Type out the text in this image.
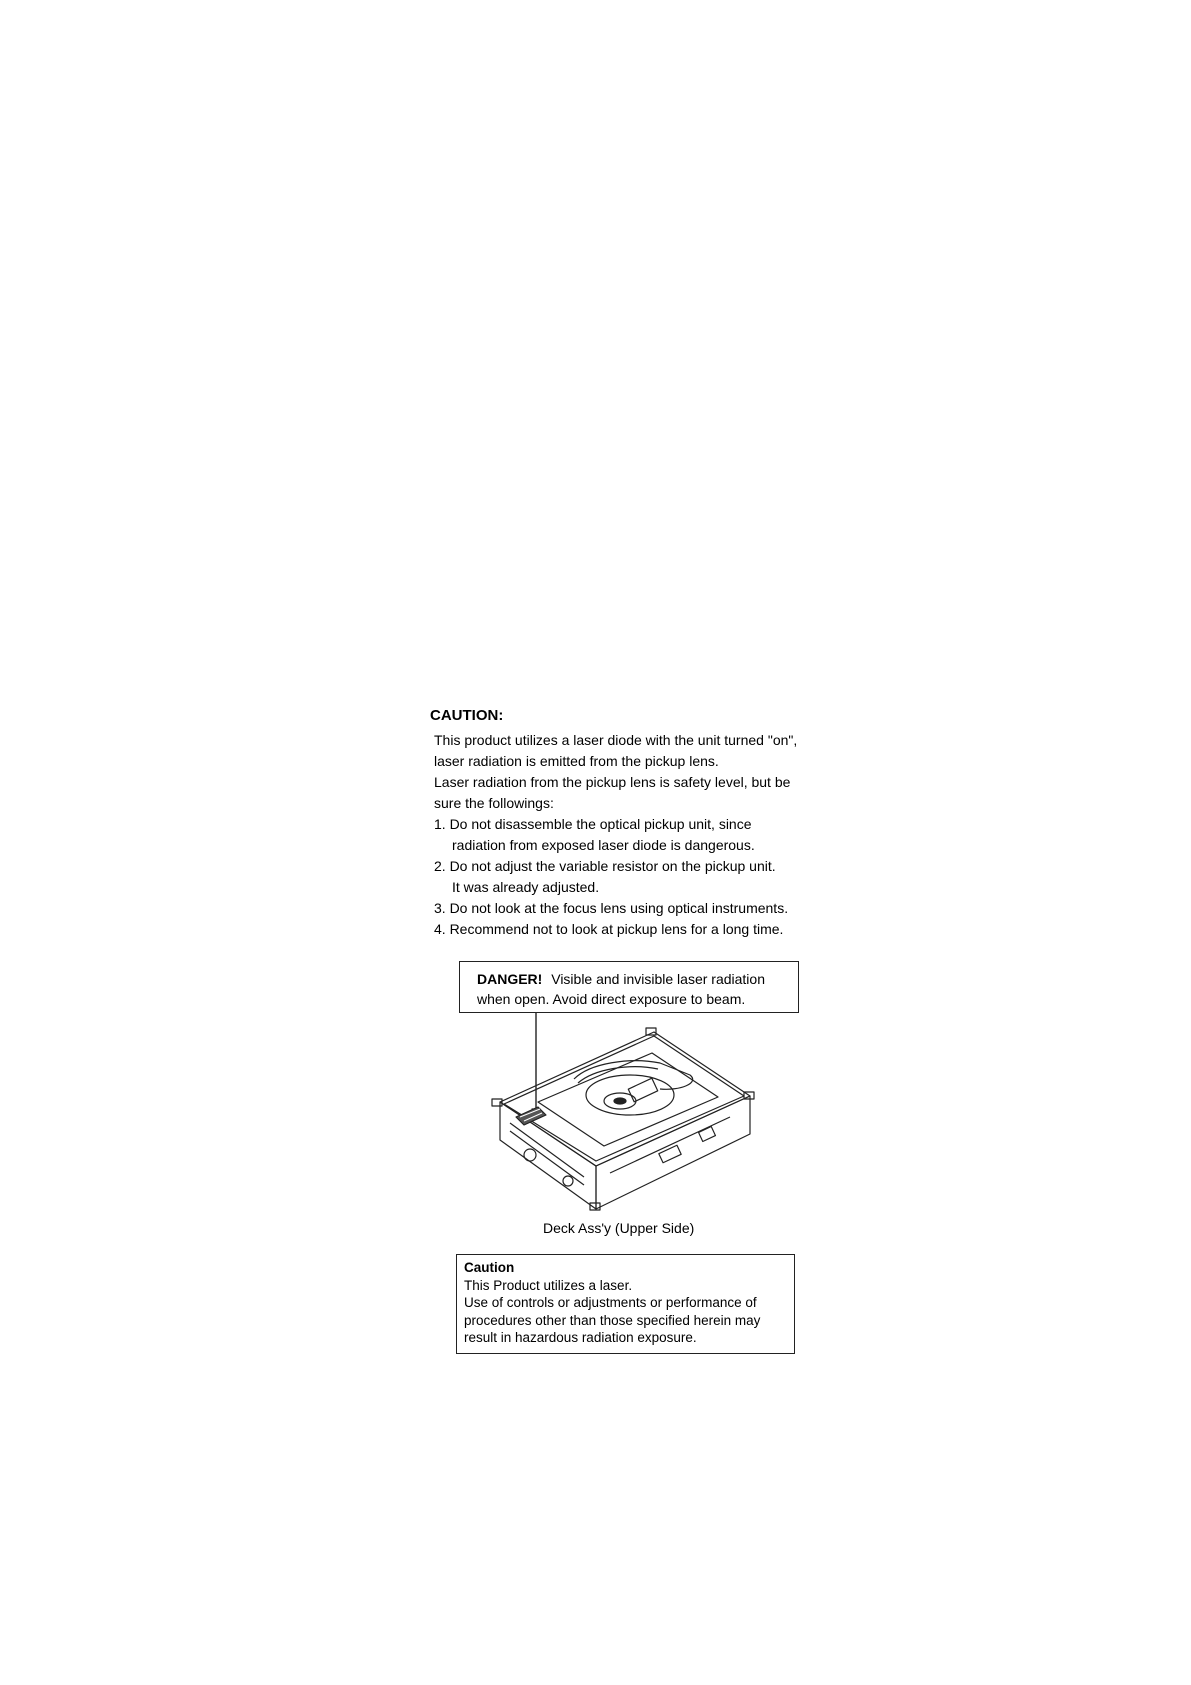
CAUTION:
This product utilizes a laser diode with the unit turned "on",
laser radiation is emitted from the pickup lens.
Laser radiation from the pickup lens is safety level, but be
sure the followings:
1. Do not disassemble the optical pickup unit, since
radiation from exposed laser diode is dangerous.
2. Do not adjust the variable resistor on the pickup unit.
It was already adjusted.
3. Do not look at the focus lens using optical instruments.
4. Recommend not to look at pickup lens for a long time.
DANGER! Visible and invisible laser radiation
when open. Avoid direct exposure to beam.
Deck Ass'y (Upper Side)
Caution
This Product utilizes a laser.
Use of controls or adjustments or performance of
procedures other than those specified herein may
result in hazardous radiation exposure.
